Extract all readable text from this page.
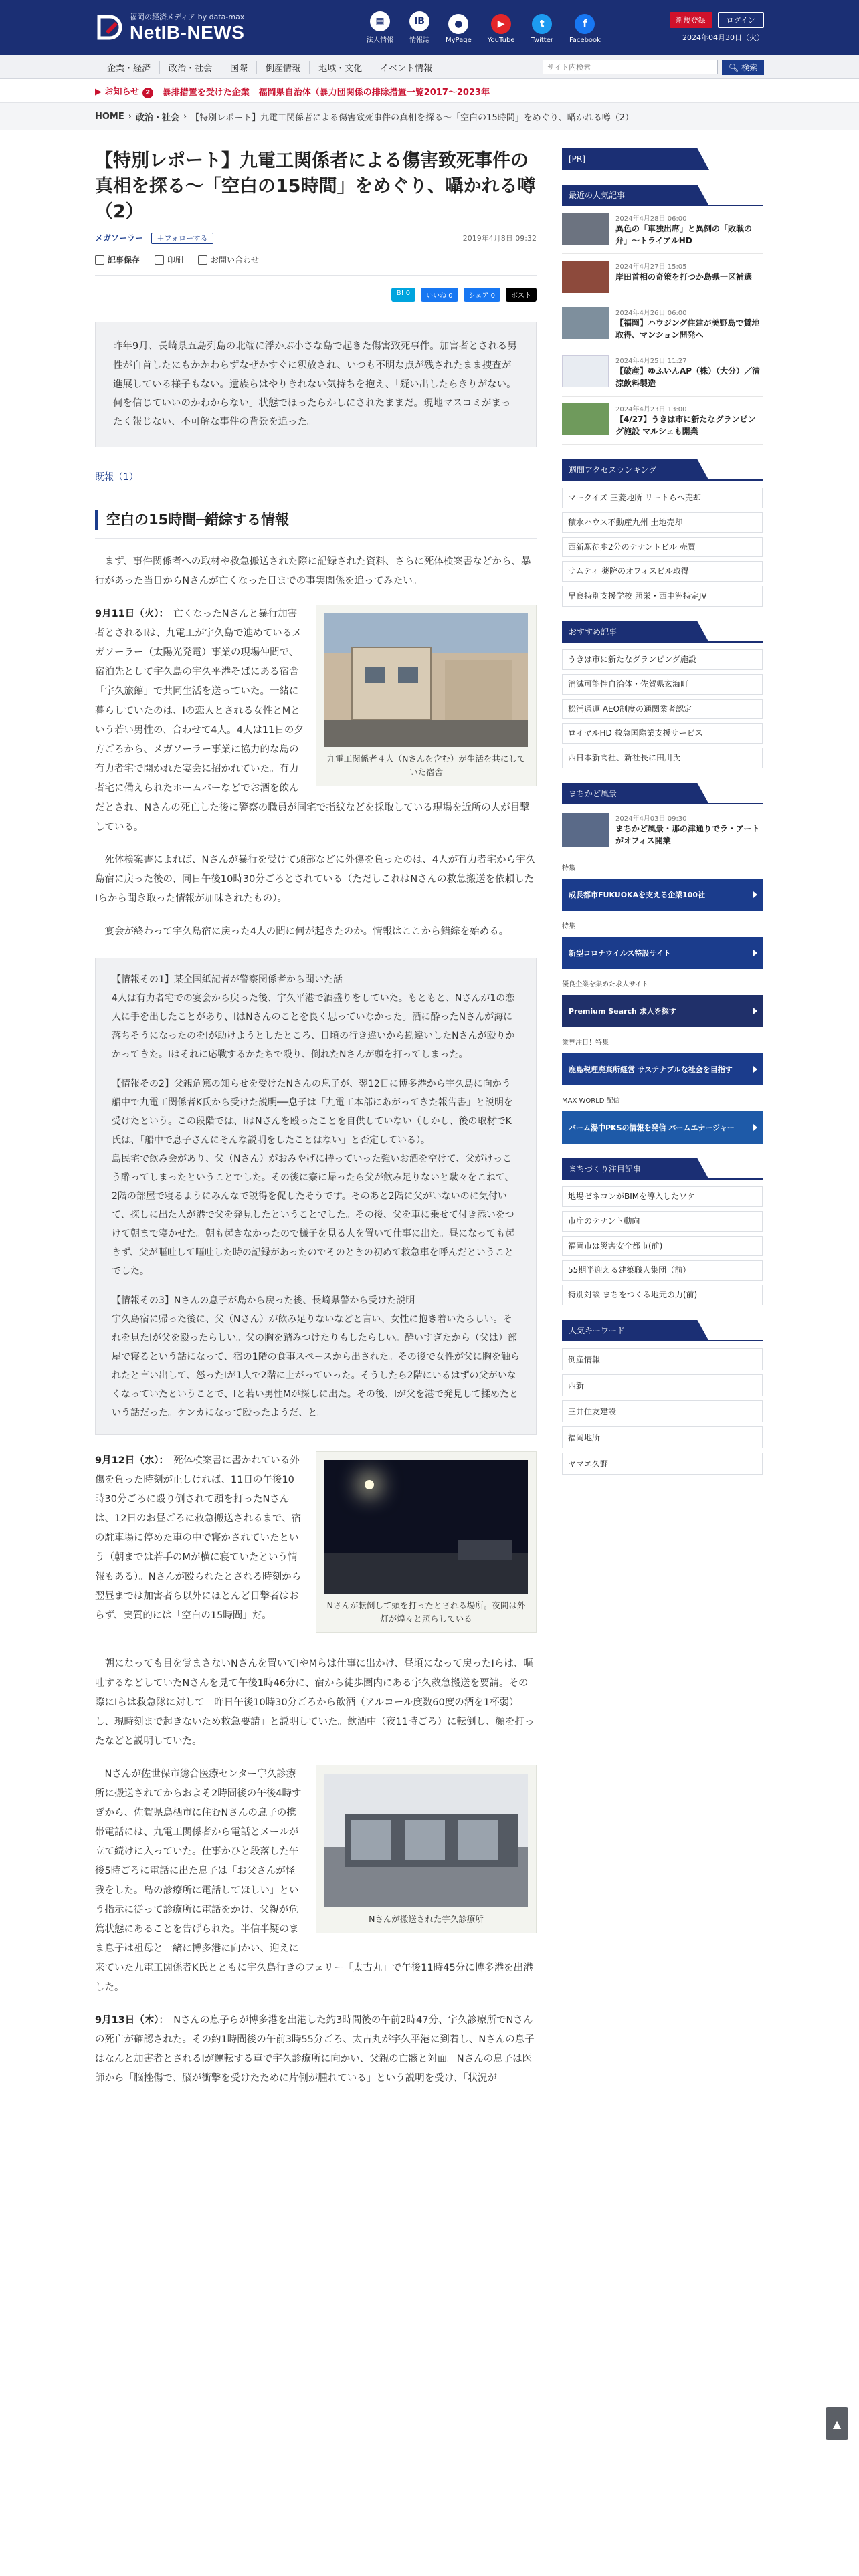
福岡の経済メディア by data-max
NetIB-NEWS
▦
法人情報
IB
情報誌
●
MyPage
▶
YouTube
t
Twitter
f
Facebook
新規登録	ログイン
2024年04月30日（火）
企業・経済	政治・社会	国際	倒産情報	地域・文化	イベント情報
サイト内検索	🔍︎ 検索
▶ お知らせ 2	暴排措置を受けた企業 福岡県自治体（暴力団関係の排除措置一覧2017〜2023年
HOME › 政治・社会 › 【特別レポート】九電工関係者による傷害致死事件の真相を探る〜「空白の15時間」をめぐり、囁かれる噂（2）
【特別レポート】九電工関係者による傷害致死事件の真相を探る〜「空白の15時間」をめぐり、囁かれる噂（2）
メガソーラー ＋フォローする	2019年4月8日 09:32
記事保存	印刷	お問い合わせ
B! 0	いいね 0	シェア 0	ポスト
昨年9月、長崎県五島列島の北端に浮かぶ小さな島で起きた傷害致死事件。加害者とされる男性が自首したにもかかわらずなぜかすぐに釈放され、いつも不明な点が残されたまま捜査が進展している様子もない。遺族らはやりきれない気持ちを抱え、「疑い出したらきりがない。何を信じていいのかわからない」状態でほったらかしにされたままだ。現地マスコミがまったく報じない、不可解な事件の背景を追った。
既報（1）
空白の15時間─錯綜する情報

まず、事件関係者への取材や救急搬送された際に記録された資料、さらに死体検案書などから、暴行があった当日からNさんが亡くなった日までの事実関係を追ってみたい。

九電工関係者４人（Nさんを含む）が生活を共にしていた宿舎

9月11日（火）：　 亡くなったNさんと暴行加害者とされるIは、九電工が宇久島で進めているメガソーラー（太陽光発電）事業の現場仲間で、宿泊先として宇久島の宇久平港そばにある宿舎「宇久旅館」で共同生活を送っていた。一緒に暮らしていたのは、Iの恋人とされる女性とMという若い男性の、合わせて4人。4人は11日の夕方ごろから、メガソーラー事業に協力的な島の有力者宅で開かれた宴会に招かれていた。有力者宅に備えられたホームバーなどでお酒を飲んだとされ、Nさんの死亡した後に警察の職員が同宅で指紋などを採取している現場を近所の人が目撃している。

死体検案書によれば、Nさんが暴行を受けて頭部などに外傷を負ったのは、4人が有力者宅から宇久島宿に戻った後の、同日午後10時30分ごろとされている（ただしこれはNさんの救急搬送を依頼したIらから聞き取った情報が加味されたもの）。

宴会が終わって宇久島宿に戻った4人の間に何が起きたのか。情報はここから錯綜を始める。

【情報その1】某全国紙記者が警察関係者から聞いた話
4人は有力者宅での宴会から戻った後、宇久平港で酒盛りをしていた。もともと、Nさんが1の恋人に手を出したことがあり、IはNさんのことを良く思っていなかった。酒に酔ったNさんが海に落ちそうになったのをIが助けようとしたところ、日頃の行き違いから勘違いしたNさんが殴りかかってきた。Iはそれに応戦するかたちで殴り、倒れたNさんが頭を打ってしまった。

【情報その2】父親危篤の知らせを受けたNさんの息子が、翌12日に博多港から宇久島に向かう船中で九電工関係者K氏から受けた説明──息子は「九電工本部にあがってきた報告書」と説明を受けたという。この段階では、IはNさんを殴ったことを自供していない（しかし、後の取材でK氏は、「船中で息子さんにそんな説明をしたことはない」と否定している）。
島民宅で飲み会があり、父（Nさん）がおみやげに持っていった強いお酒を空けて、父がけっこう酔ってしまったということでした。その後に寮に帰ったら父が飲み足りないと駄々をこねて、2階の部屋で寝るようにみんなで説得を促したそうです。そのあと2階に父がいないのに気付いて、探しに出た人が港で父を発見したということでした。その後、父を車に乗せて付き添いをつけて朝まで寝かせた。朝も起きなかったので様子を見る人を置いて仕事に出た。昼になっても起きず、父が嘔吐して嘔吐した時の記録があったのでそのときの初めて救急車を呼んだということでした。

【情報その3】Nさんの息子が島から戻った後、長崎県警から受けた説明
宇久島宿に帰った後に、父（Nさん）が飲み足りないなどと言い、女性に抱き着いたらしい。それを見たIが父を殴ったらしい。父の胸を踏みつけたりもしたらしい。酔いすぎたから（父は）部屋で寝るという話になって、宿の1階の食事スペースから出された。その後で女性が父に胸を触られたと言い出して、怒ったIが1人で2階に上がっていった。そうしたら2階にいるはずの父がいなくなっていたということで、Iと若い男性Mが探しに出た。その後、Iが父を港で発見して揉めたという話だった。ケンカになって殴ったようだ、と。

Nさんが転倒して頭を打ったとされる場所。夜間は外灯が煌々と照らしている

9月12日（水）：　 死体検案書に書かれている外傷を負った時刻が正しければ、11日の午後10時30分ごろに殴り倒されて頭を打ったNさんは、12日のお昼ごろに救急搬送されるまで、宿の駐車場に停めた車の中で寝かされていたという（朝までは若手のMが横に寝ていたという情報もある）。Nさんが殴られたとされる時刻から翌昼までは加害者ら以外にほとんど目撃者はおらず、実質的には「空白の15時間」だ。

朝になっても目を覚まさないNさんを置いてIやMらは仕事に出かけ、昼頃になって戻ったIらは、嘔吐するなどしていたNさんを見て午後1時46分に、宿から徒歩圏内にある宇久救急搬送を要請。その際にIらは救急隊に対して「昨日午後10時30分ごろから飲酒（アルコール度数60度の酒を1杯弱）し、現時刻まで起きないため救急要請」と説明していた。飲酒中（夜11時ごろ）に転倒し、顔を打ったなどと説明していた。

Nさんが搬送された宇久診療所

Nさんが佐世保市総合医療センター宇久診療所に搬送されてからおよそ2時間後の午後4時すぎから、佐賀県鳥栖市に住むNさんの息子の携帯電話には、九電工関係者から電話とメールが立て続けに入っていた。仕事かひと段落した午後5時ごろに電話に出た息子は「お父さんが怪我をした。島の診療所に電話してほしい」という指示に従って診療所に電話をかけ、父親が危篤状態にあることを告げられた。半信半疑のまま息子は祖母と一緒に博多港に向かい、迎えに来ていた九電工関係者K氏とともに宇久島行きのフェリー「太古丸」で午後11時45分に博多港を出港した。

9月13日（木）：　 Nさんの息子らが博多港を出港した約3時間後の午前2時47分、宇久診療所でNさんの死亡が確認された。その約1時間後の午前3時55分ごろ、太古丸が宇久平港に到着し、Nさんの息子はなんと加害者とされるIが運転する車で宇久診療所に向かい、父親の亡骸と対面。Nさんの息子は医師から「脳挫傷で、脳が衝撃を受けたために片側が腫れている」という説明を受け、「状況が

[PR]
最近の人気記事
2024年4月28日 06:00
異色の「車独出席」と異例の「敗戦の弁」〜トライアルHD
2024年4月27日 15:05
岸田首相の奇策を打つか島県一区補選
2024年4月26日 06:00
【福岡】ハウジング住建が美野島で賃地取得、マンション開発へ
2024年4月25日 11:27
【破産】ゆふいんAP（株）（大分）／清涼飲料製造
2024年4月23日 13:00
【4/27】うきは市に新たなグランピング施設 マルシェも開業
週間アクセスランキング
マークイズ 三菱地所 リートらへ売却
積水ハウス不動産九州 土地売却
西新駅徒歩2分のテナントビル 売買
サムティ 薬院のオフィスビル取得
早良特別支援学校 照栄・西中洲特定JV
おすすめ記事
うきは市に新たなグランピング施設
消滅可能性自治体・佐賀県玄海町
松浦通運 AEO制度の通関業者認定
ロイヤルHD 救急国際業支援サービス
西日本新聞社、新社長に田川氏
まちかど風景
2024年4月03日 09:30
まちかど風景・那の津通りでラ・アートがオフィス開業
特集
成長都市FUKUOKAを支える企業100社
特集
新型コロナウイルス特設サイト
優良企業を集めた求人サイト
Premium Search 求人を探す
業界注目！特集
鹿島税理廃棄所経営 サステナブルな社会を目指す
MAX WORLD 配信
バーム湯中PKSの情報を発信 バームエナージャー
まちづくり注目記事
地場ゼネコンがBIMを導入したワケ
市庁のテナント動向
福岡市は災害安全都市(前)
55期半迎える建築職人集団（前）
特別対談 まちをつくる地元の力(前)
人気キーワード
倒産情報
西新
三井住友建設
福岡地所
ヤマエ久野
▲
